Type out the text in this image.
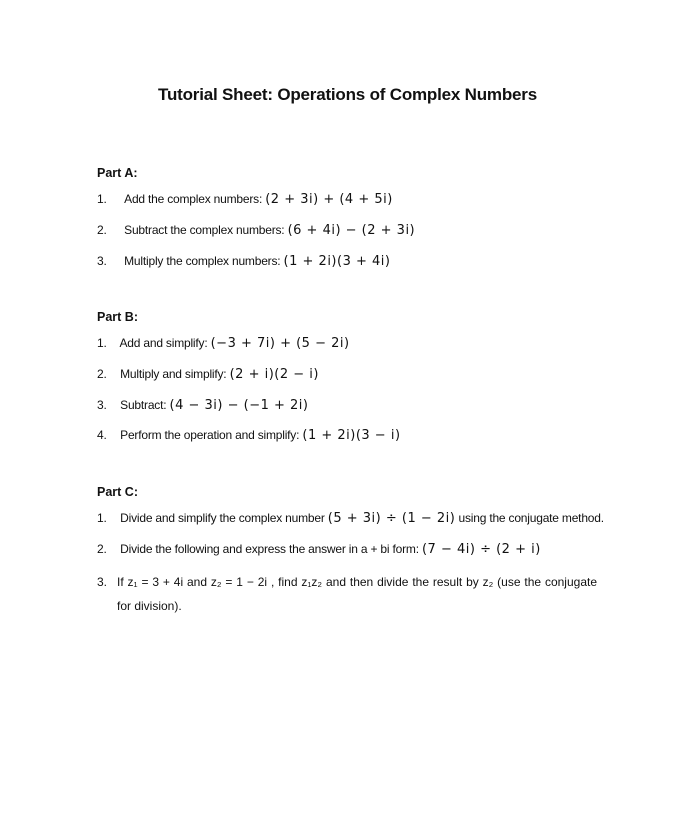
Tutorial Sheet: Operations of Complex Numbers
Part A:
1. Add the complex numbers: (2 + 3i) + (4 + 5i)
2. Subtract the complex numbers: (6 + 4i) − (2 + 3i)
3. Multiply the complex numbers: (1 + 2i)(3 + 4i)
Part B:
1. Add and simplify: (−3 + 7i) + (5 − 2i)
2. Multiply and simplify: (2 + i)(2 − i)
3. Subtract: (4 − 3i) − (−1 + 2i)
4. Perform the operation and simplify: (1 + 2i)(3 − i)
Part C:
1. Divide and simplify the complex number (5 + 3i) ÷ (1 − 2i) using the conjugate method.
2. Divide the following and express the answer in a + bi form: (7 − 4i) ÷ (2 + i)
3. If z₁ = 3 + 4i and z₂ = 1 − 2i , find z₁z₂ and then divide the result by z₂ (use the conjugate for division).
